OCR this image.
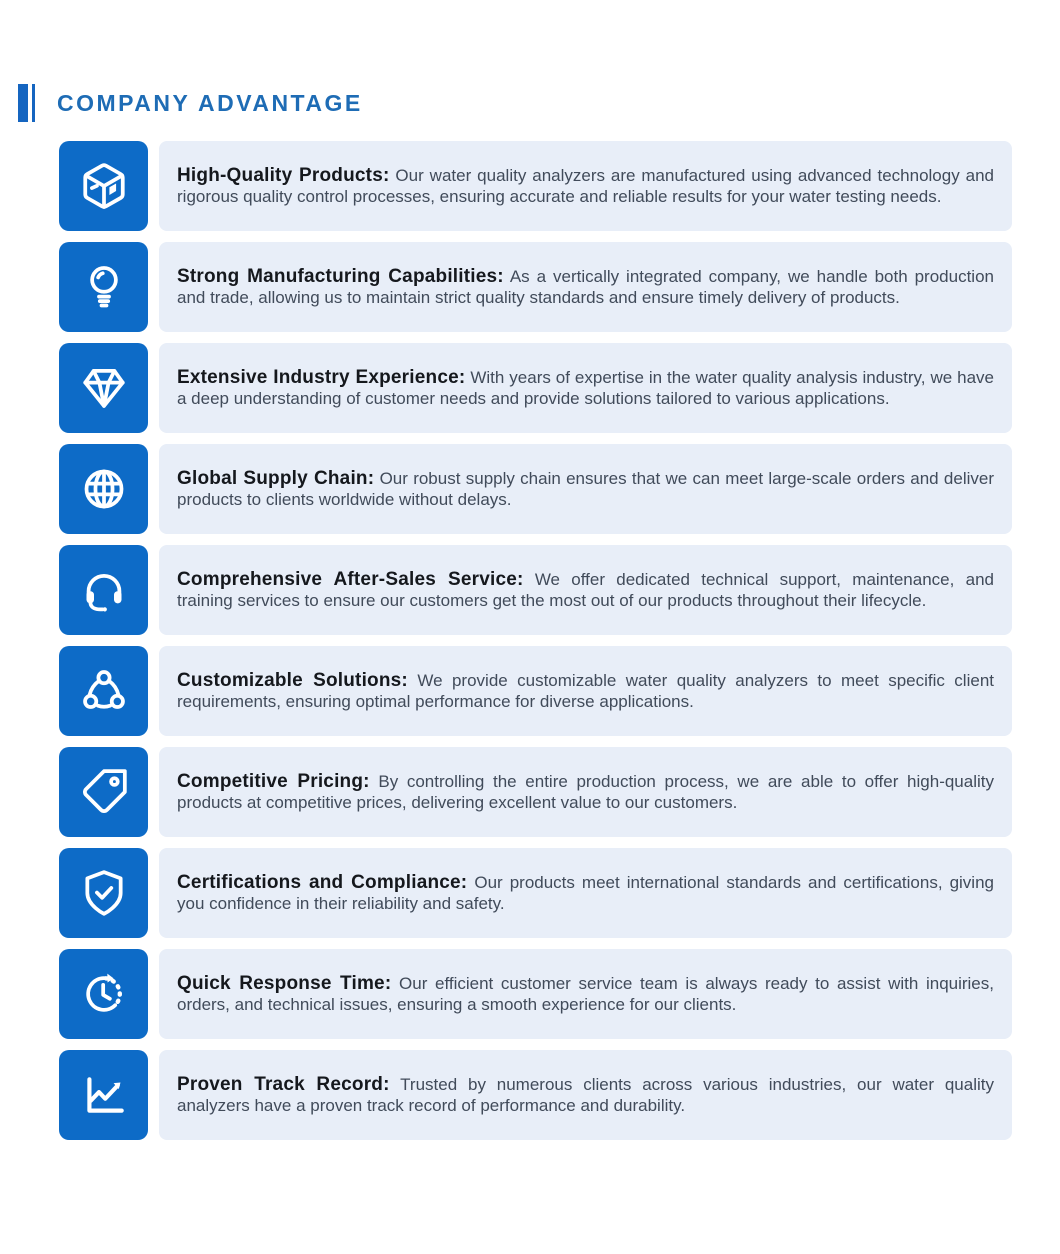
COMPANY ADVANTAGE

High-Quality Products: Our water quality analyzers are manufactured using advanced technology and rigorous quality control processes, ensuring accurate and reliable results for your water testing needs.

Strong Manufacturing Capabilities: As a vertically integrated company, we handle both production and trade, allowing us to maintain strict quality standards and ensure timely delivery of products.

Extensive Industry Experience: With years of expertise in the water quality analysis industry, we have a deep understanding of customer needs and provide solutions tailored to various applications.

Global Supply Chain: Our robust supply chain ensures that we can meet large-scale orders and deliver products to clients worldwide without delays.

Comprehensive After-Sales Service: We offer dedicated technical support, maintenance, and training services to ensure our customers get the most out of our products throughout their lifecycle.

Customizable Solutions: We provide customizable water quality analyzers to meet specific client requirements, ensuring optimal performance for diverse applications.

Competitive Pricing: By controlling the entire production process, we are able to offer high-quality products at competitive prices, delivering excellent value to our customers.

Certifications and Compliance: Our products meet international standards and certifications, giving you confidence in their reliability and safety.

Quick Response Time: Our efficient customer service team is always ready to assist with inquiries, orders, and technical issues, ensuring a smooth experience for our clients.

Proven Track Record: Trusted by numerous clients across various industries, our water quality analyzers have a proven track record of performance and durability.
